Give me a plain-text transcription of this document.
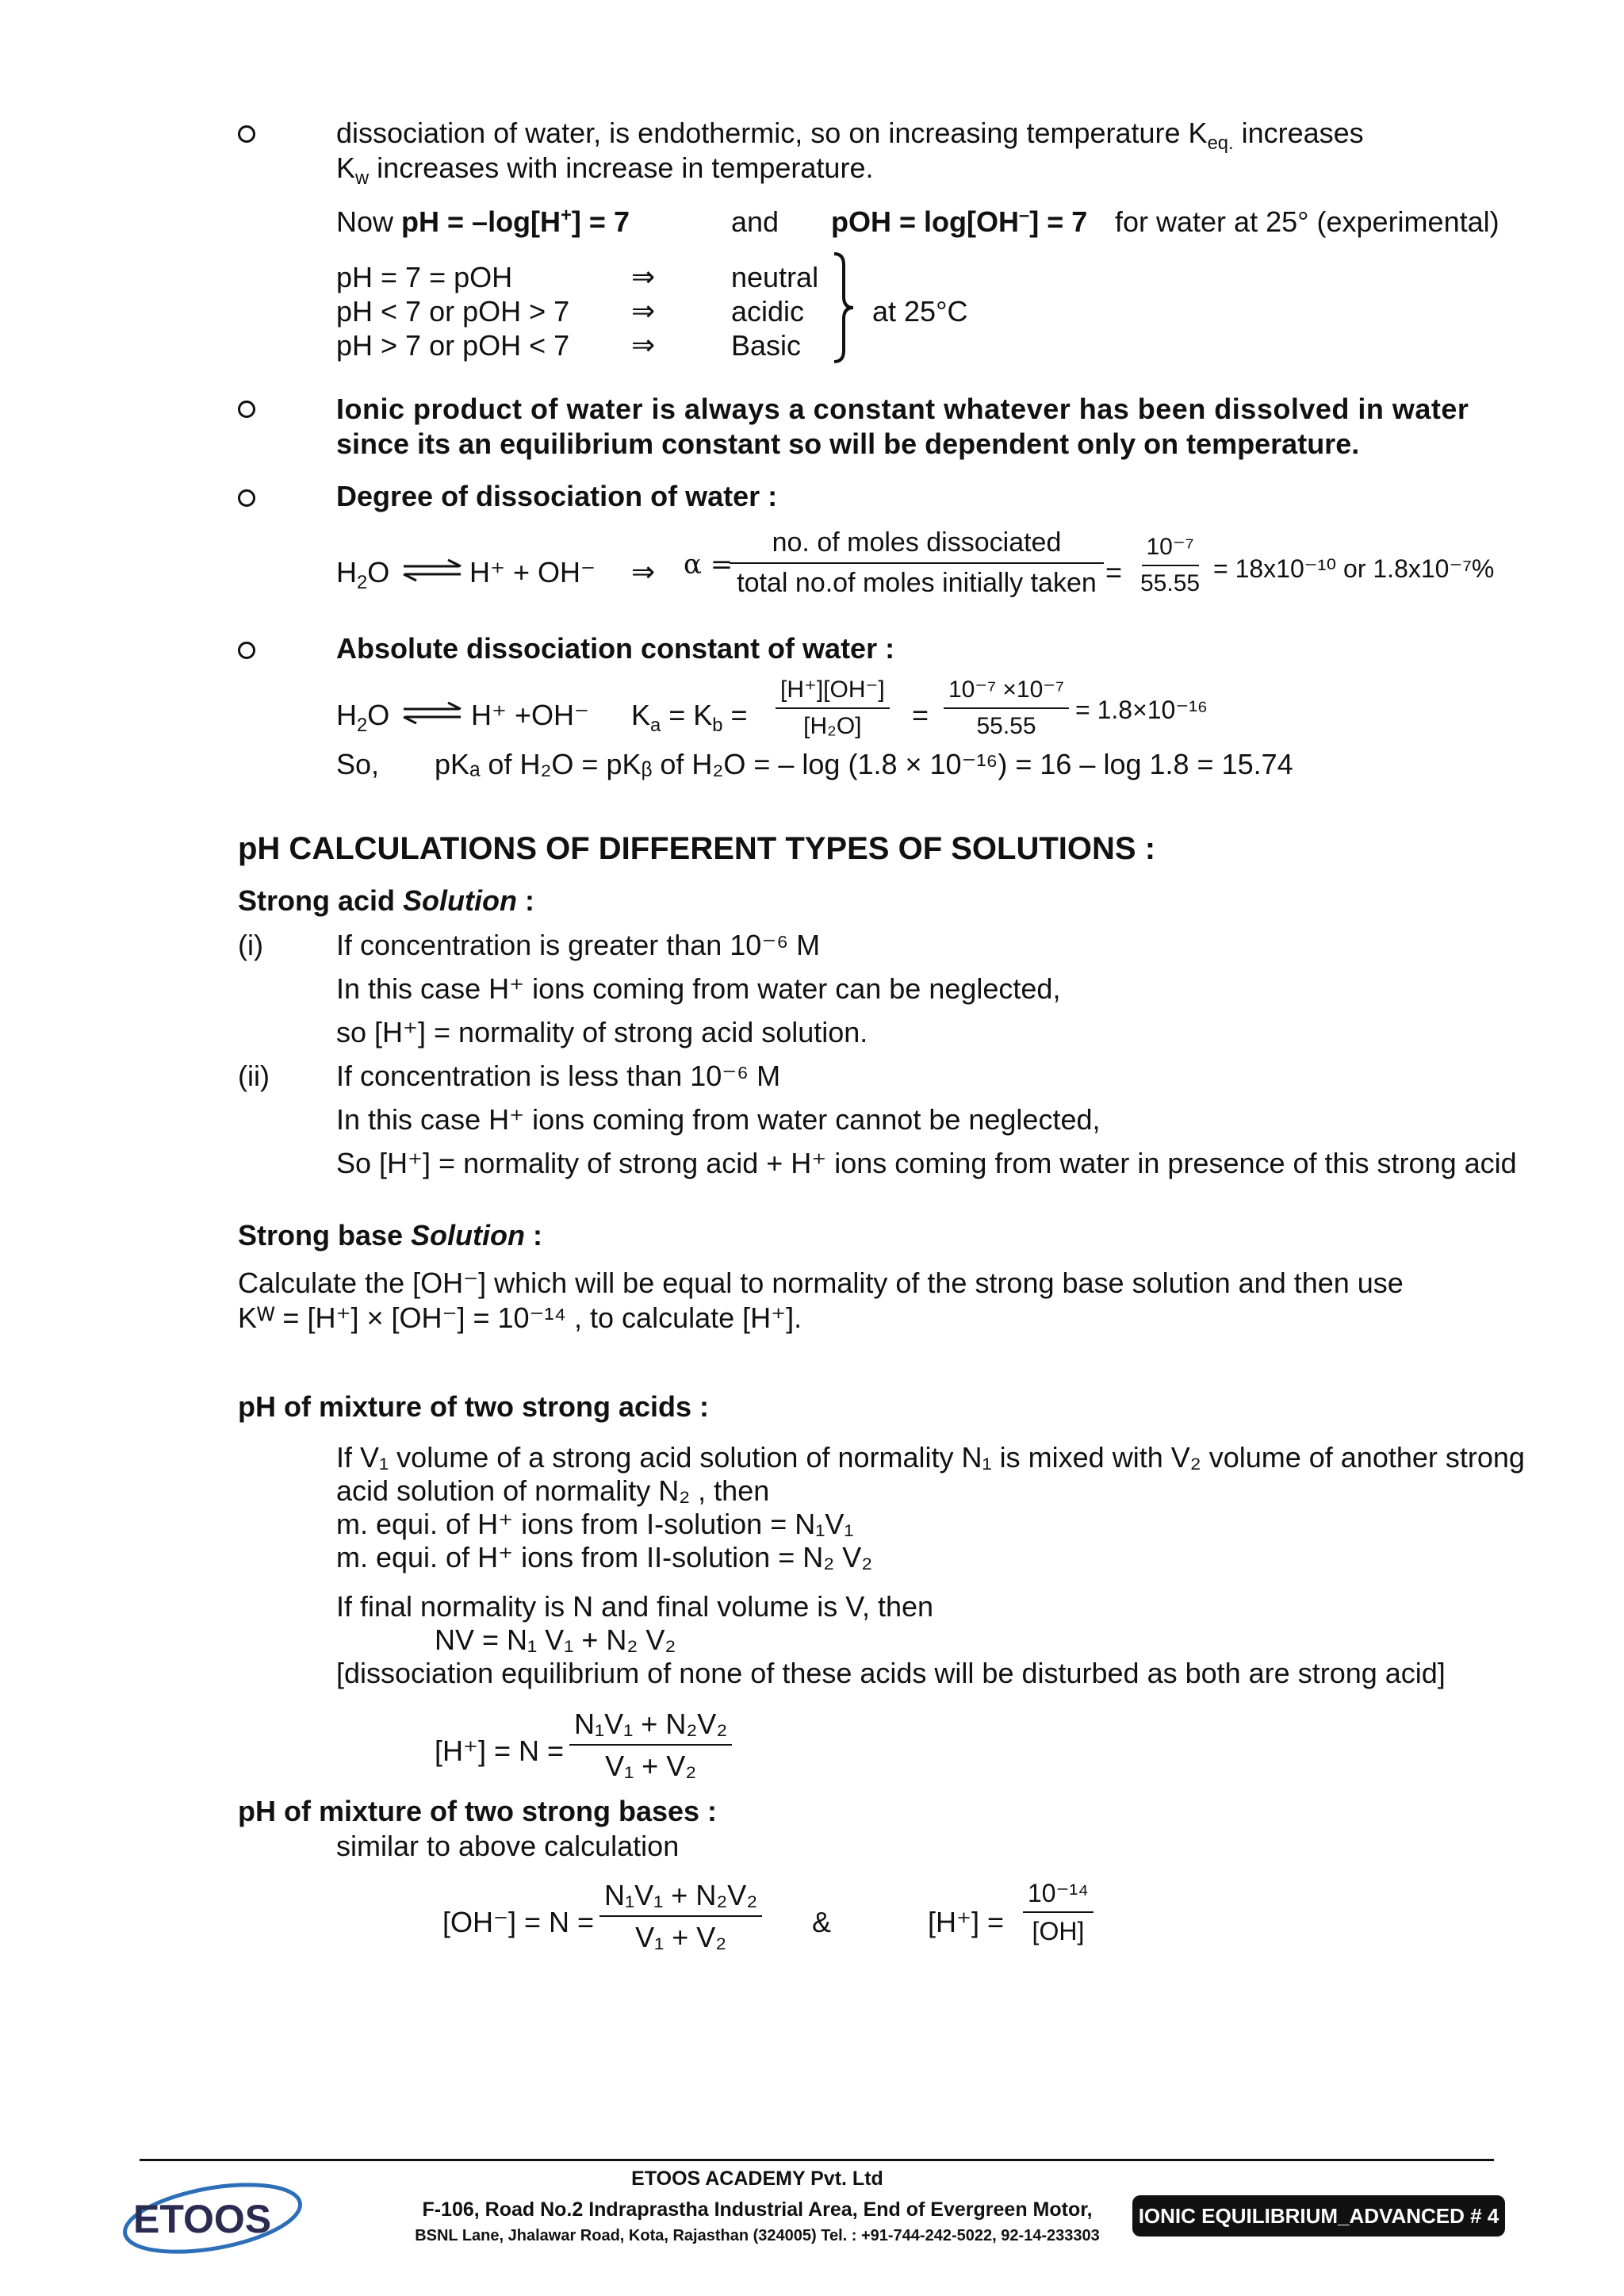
dissociation of water, is endothermic, so on increasing temperature $K_{eq.}$ increases
$K_w$ increases with increase in temperature.
Now pH = –log[H+] = 7	and pOH = log[OH–] = 7 for water at 25° (experimental)
pH = 7 = pOH	⇒	neutral
pH < 7 or pOH > 7 ⇒	acidic
pH > 7 or pOH < 7 ⇒	Basic
at 25°C
Ionic product of water is always a constant whatever has been dissolved in water
since its an equilibrium constant so will be dependent only on temperature.
Degree of dissociation of water :
$H_2O$ ⇌ H⁺ + OH⁻ ⇒ α =
$\frac{\text{no. of moles dissociated}}{\text{total no.of moles initially taken}} = \frac{\text{10⁻⁷}}{55.55} = 18x10^{-10}$ or 1.8x10⁻⁷%
Absolute dissociation constant of water :
$H_2O$ ⇌ H⁺ +OH⁻ $K_a = K_b = \frac{[H^+][OH^-]}{\text{[H₂O]}} = \frac{\text{10⁻⁷ ×10⁻⁷}}{55.55} = 1.8\times 10^{-16}$
So, pKₐ of H₂O = pKᵦ of H₂O = – log (1.8 × 10⁻¹⁶) = 16 – log 1.8 = 15.74
pH CALCULATIONS OF DIFFERENT TYPES OF SOLUTIONS :
Strong acid Solution :
(i)	If concentration is greater than 10⁻⁶ M
In this case H⁺ ions coming from water can be neglected,
so [H⁺] = normality of strong acid solution.
(ii) If concentration is less than 10⁻⁶ M
In this case H⁺ ions coming from water cannot be neglected,
So [H⁺] = normality of strong acid + H⁺ ions coming from water in presence of this strong acid
Strong base Solution :
Calculate the [OH⁻] which will be equal to normality of the strong base solution and then use
Kᵂ = [H⁺] × [OH⁻] = 10⁻¹⁴ , to calculate [H⁺].
pH of mixture of two strong acids :
If V₁ volume of a strong acid solution of normality N₁ is mixed with V₂ volume of another strong
acid solution of normality N₂ , then
m. equi. of H⁺ ions from I-solution = N₁V₁
m. equi. of H⁺ ions from II-solution = N₂ V₂
If final normality is N and final volume is V, then
NV = N₁ V₁ + N₂ V₂
[dissociation equilibrium of none of these acids will be disturbed as both are strong acid]
$[H^+] = N = \frac{\text{N₁V₁ + N₂V₂}}{\text{V₁ + V₂}}$
pH of mixture of two strong bases :
similar to above calculation
$[OH^-] = N = \frac{\text{N₁V₁ + N₂V₂}}{\text{V₁ + V₂}}$ &	$[H^+] = \frac{\text{10⁻¹⁴}}{[OH]}$
ETOOS
ETOOS ACADEMY Pvt. Ltd
F-106, Road No.2 Indraprastha Industrial Area, End of Evergreen Motor,
BSNL Lane, Jhalawar Road, Kota, Rajasthan (324005) Tel. : +91-744-242-5022, 92-14-233303
IONIC EQUILIBRIUM_ADVANCED # 4
